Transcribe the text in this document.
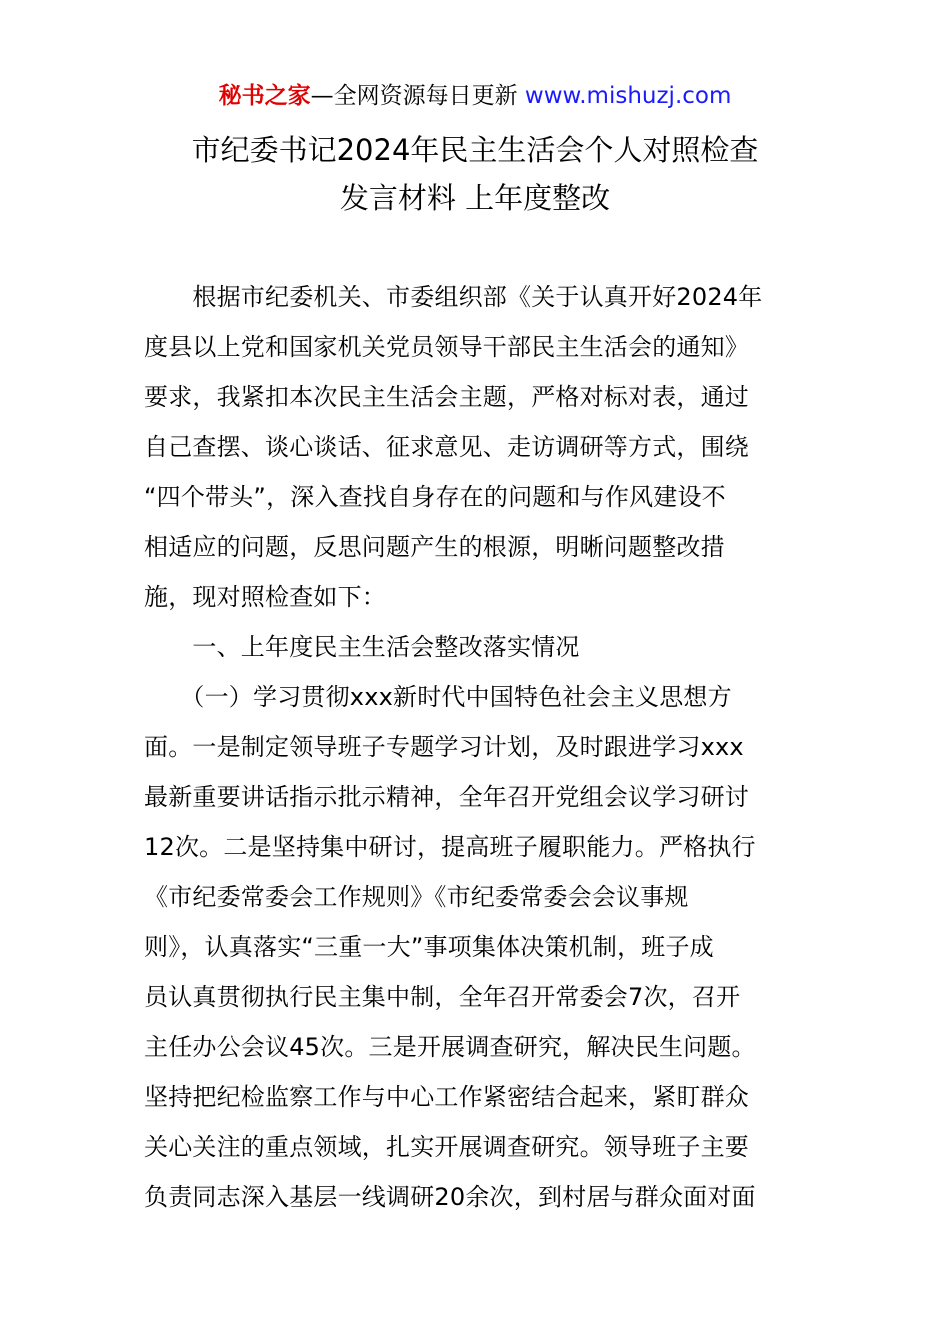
秘书之家—全网资源每日更新 www.mishuzj.com
市纪委书记2024年民主生活会个人对照检查
发言材料 上年度整改
　　根据市纪委机关、市委组织部《关于认真开好2024年
度县以上党和国家机关党员领导干部民主生活会的通知》
要求，我紧扣本次民主生活会主题，严格对标对表，通过
自己查摆、谈心谈话、征求意见、走访调研等方式，围绕
“四个带头”，深入查找自身存在的问题和与作风建设不
相适应的问题，反思问题产生的根源，明晰问题整改措
施，现对照检查如下：
　　一、上年度民主生活会整改落实情况
　　（一）学习贯彻xxx新时代中国特色社会主义思想方
面。一是制定领导班子专题学习计划，及时跟进学习xxx
最新重要讲话指示批示精神，全年召开党组会议学习研讨
12次。二是坚持集中研讨，提高班子履职能力。严格执行
《市纪委常委会工作规则》《市纪委常委会会议事规
则》，认真落实“三重一大”事项集体决策机制，班子成
员认真贯彻执行民主集中制，全年召开常委会7次，召开
主任办公会议45次。三是开展调查研究，解决民生问题。
坚持把纪检监察工作与中心工作紧密结合起来，紧盯群众
关心关注的重点领域，扎实开展调查研究。领导班子主要
负责同志深入基层一线调研20余次，到村居与群众面对面
